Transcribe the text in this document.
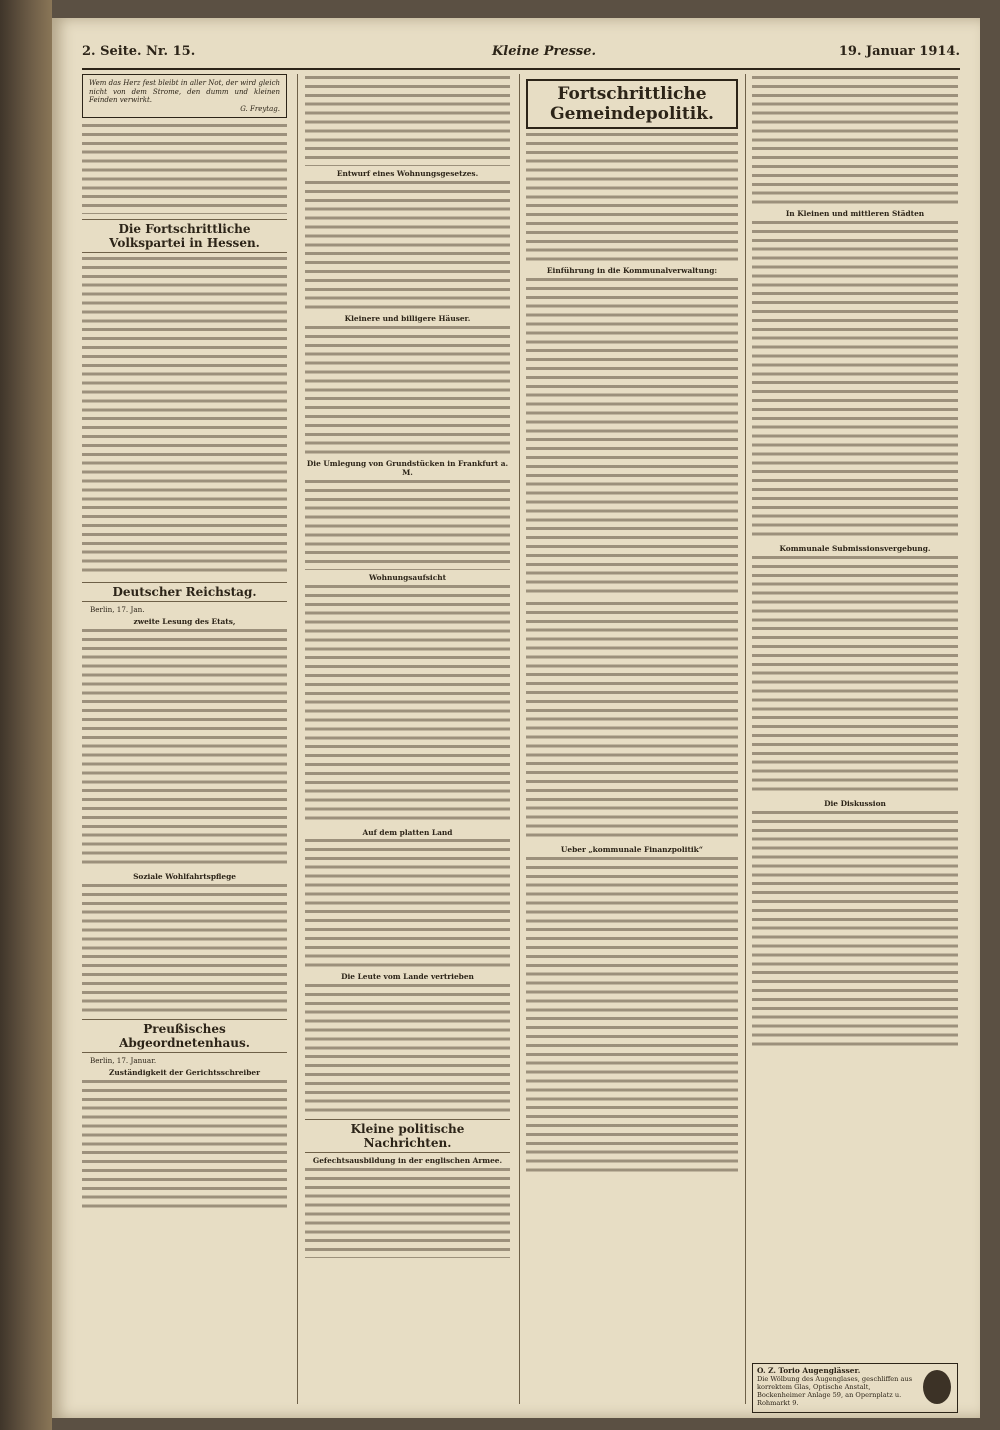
2. Seite. Nr. 15.	Kleine Presse.	19. Januar 1914.
Wem das Herz fest bleibt in aller Not, der wird gleich nicht von dem Strome, den dumm und kleinen Feinden verwirkt.
G. Freytag.
Die Fortschrittliche Volkspartei in Hessen.
Deutscher Reichstag.
Berlin, 17. Jan.
zweite Lesung des Etats,
Soziale Wohlfahrtspflege
Preußisches Abgeordnetenhaus.
Berlin, 17. Januar.
Zuständigkeit der Gerichtsschreiber
Entwurf eines Wohnungsgesetzes.
Kleinere und billigere Häuser.
Die Umlegung von Grundstücken in Frankfurt a. M.
Wohnungsaufsicht
Auf dem platten Land
Die Leute vom Lande vertrieben
Kleine politische Nachrichten.
Gefechtsausbildung in der englischen Armee.
Fortschrittliche Gemeindepolitik.
Einführung in die Kommunalverwaltung:
Ueber „kommunale Finanzpolitik“
In Kleinen und mittleren Städten
Kommunale Submissionsvergebung.
Die Diskussion
O. Z. Torio Augenglässer.
Die Wölbung des Augenglases, geschliffen aus korrektem Glas, Optische Anstalt, Bockenheimer Anlage 59, an Opernplatz u. Rohmarkt 9.
